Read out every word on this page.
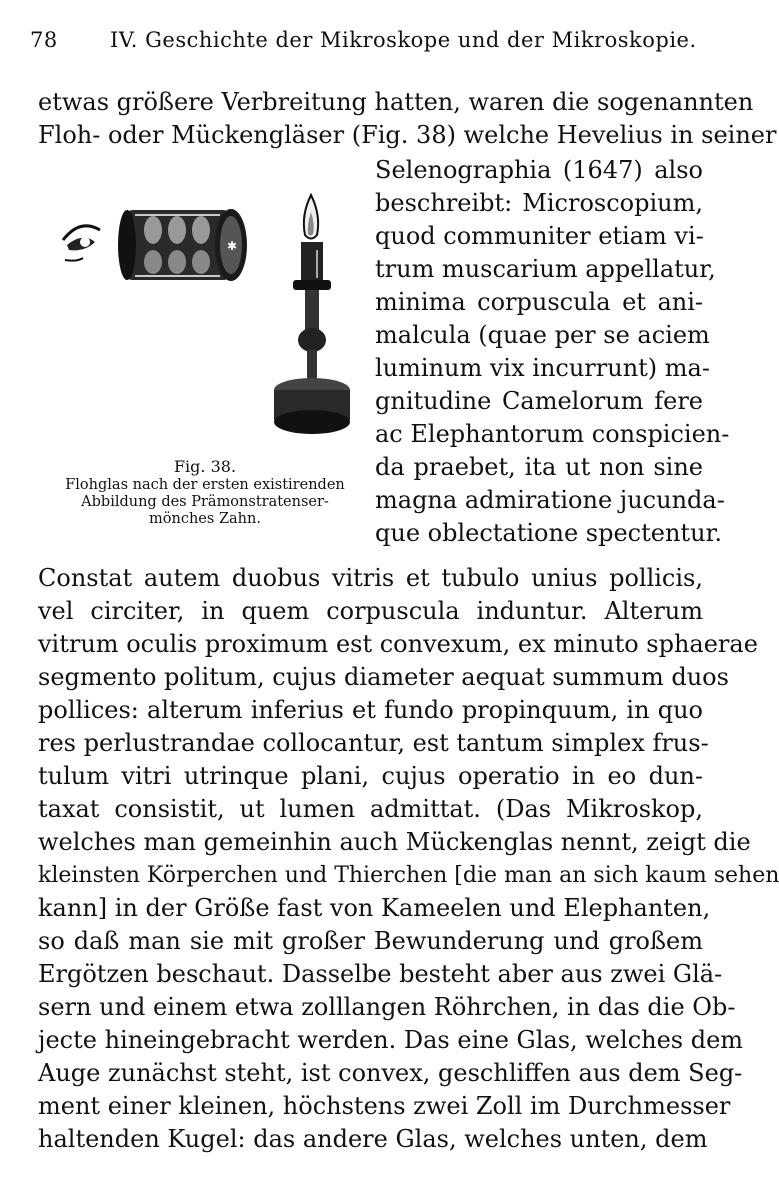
78 IV. Geschichte der Mikroskope und der Mikroskopie.
etwas größere Verbreitung hatten, waren die sogenannten
Floh- oder Mückengläser (Fig. 38) welche Hevelius in seiner
Selenographia (1647) also
beschreibt: Microscopium,
quod communiter etiam vi-
trum muscarium appellatur,
minima corpuscula et ani-
malcula (quae per se aciem
luminum vix incurrunt) ma-
gnitudine Camelorum fere
ac Elephantorum conspicien-
da praebet, ita ut non sine
magna admiratione jucunda-
que oblectatione spectentur.
✱
Fig. 38.
Flohglas nach der ersten existirenden
Abbildung des Prämonstratenser-
mönches Zahn.
Constat autem duobus vitris et tubulo unius pollicis,
vel circiter, in quem corpuscula induntur. Alterum
vitrum oculis proximum est convexum, ex minuto sphaerae
segmento politum, cujus diameter aequat summum duos
pollices: alterum inferius et fundo propinquum, in quo
res perlustrandae collocantur, est tantum simplex frus-
tulum vitri utrinque plani, cujus operatio in eo dun-
taxat consistit, ut lumen admittat. (Das Mikroskop,
welches man gemeinhin auch Mückenglas nennt, zeigt die
kleinsten Körperchen und Thierchen [die man an sich kaum sehen
kann] in der Größe fast von Kameelen und Elephanten,
so daß man sie mit großer Bewunderung und großem
Ergötzen beschaut. Dasselbe besteht aber aus zwei Glä-
sern und einem etwa zolllangen Röhrchen, in das die Ob-
jecte hineingebracht werden. Das eine Glas, welches dem
Auge zunächst steht, ist convex, geschliffen aus dem Seg-
ment einer kleinen, höchstens zwei Zoll im Durchmesser
haltenden Kugel: das andere Glas, welches unten, dem
